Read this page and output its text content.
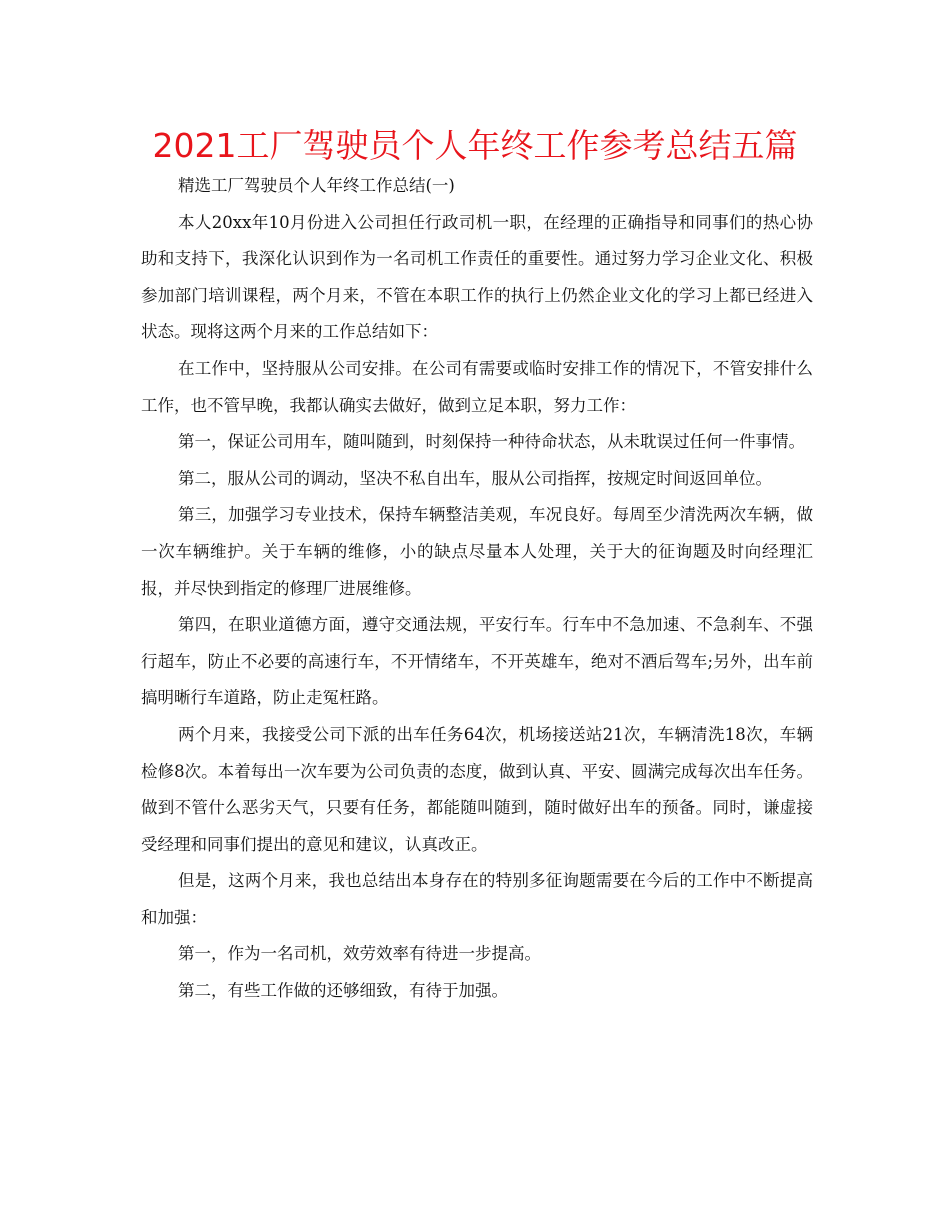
2021工厂驾驶员个人年终工作参考总结五篇

精选工厂驾驶员个人年终工作总结(一)

本人20xx年10月份进入公司担任行政司机一职，在经理的正确指导和同事们的热心协助和支持下，我深化认识到作为一名司机工作责任的重要性。通过努力学习企业文化、积极参加部门培训课程，两个月来，不管在本职工作的执行上仍然企业文化的学习上都已经进入状态。现将这两个月来的工作总结如下：

在工作中，坚持服从公司安排。在公司有需要或临时安排工作的情况下，不管安排什么工作，也不管早晚，我都认确实去做好，做到立足本职，努力工作：

第一，保证公司用车，随叫随到，时刻保持一种待命状态，从未耽误过任何一件事情。

第二，服从公司的调动，坚决不私自出车，服从公司指挥，按规定时间返回单位。

第三，加强学习专业技术，保持车辆整洁美观，车况良好。每周至少清洗两次车辆，做一次车辆维护。关于车辆的维修，小的缺点尽量本人处理，关于大的征询题及时向经理汇报，并尽快到指定的修理厂进展维修。

第四，在职业道德方面，遵守交通法规，平安行车。行车中不急加速、不急刹车、不强行超车，防止不必要的高速行车，不开情绪车，不开英雄车，绝对不酒后驾车;另外，出车前搞明晰行车道路，防止走冤枉路。

两个月来，我接受公司下派的出车任务64次，机场接送站21次，车辆清洗18次，车辆检修8次。本着每出一次车要为公司负责的态度，做到认真、平安、圆满完成每次出车任务。做到不管什么恶劣天气，只要有任务，都能随叫随到，随时做好出车的预备。同时，谦虚接受经理和同事们提出的意见和建议，认真改正。

但是，这两个月来，我也总结出本身存在的特别多征询题需要在今后的工作中不断提高和加强：

第一，作为一名司机，效劳效率有待进一步提高。

第二，有些工作做的还够细致，有待于加强。
